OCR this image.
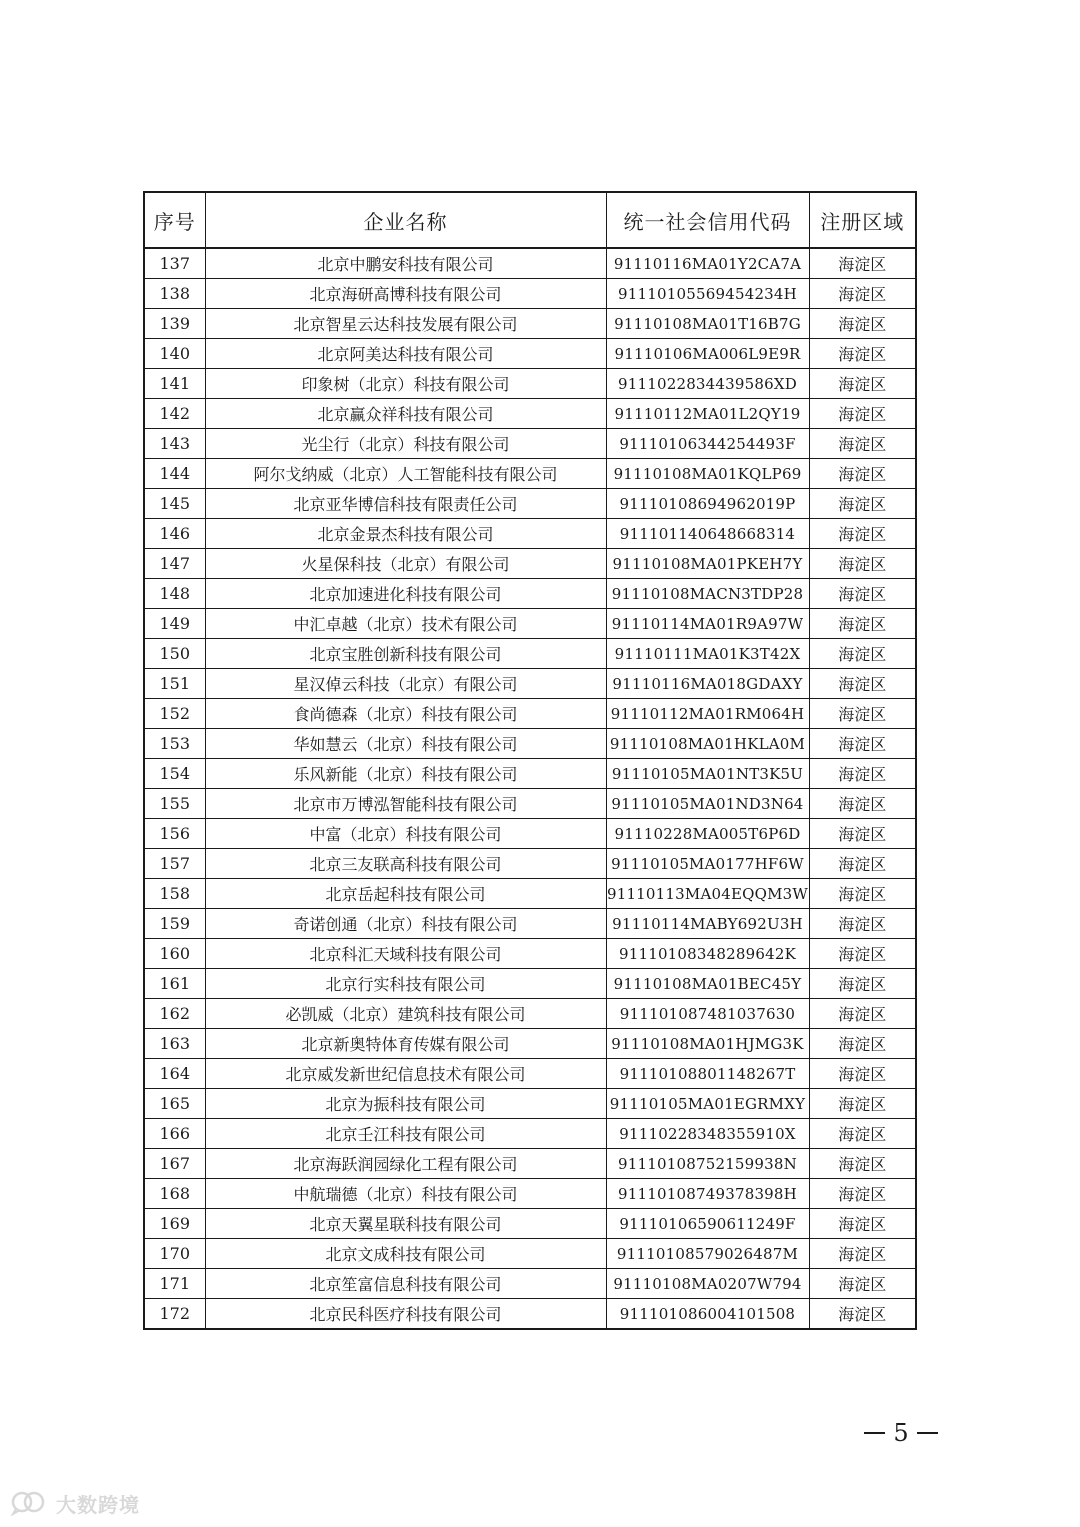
序号	企业名称	统一社会信用代码	注册区域
137	北京中鹏安科技有限公司	91110116MA01Y2CA7A	海淀区
138	北京海研高博科技有限公司	911101055694542​34H	海淀区
139	北京智星云达科技发展有限公司	91110108MA01T16B7G	海淀区
140	北京阿美达科技有限公司	91110106MA006L9E9R	海淀区
141	印象树（北京）科技有限公司	9111022834439586XD	海淀区
142	北京赢众祥科技有限公司	91110112MA01L2QY19	海淀区
143	光尘行（北京）科技有限公司	91110106344254493F	海淀区
144	阿尔戈纳威（北京）人工智能科技有限公司	91110108MA01KQLP69	海淀区
145	北京亚华博信科技有限责任公司	91110108694962019P	海淀区
146	北京金景杰科技有限公司	91110114064866​8314	海淀区
147	火星保科技（北京）有限公司	91110108MA01PKEH7Y	海淀区
148	北京加速进化科技有限公司	91110108MACN3TDP28	海淀区
149	中汇卓越（北京）技术有限公司	91110114MA01R9A97W	海淀区
150	北京宝胜创新科技有限公司	91110111MA01K3T42X	海淀区
151	星汉倬云科技（北京）有限公司	91110116MA018GDAXY	海淀区
152	食尚德森（北京）科技有限公司	91110112MA01RM064H	海淀区
153	华如慧云（北京）科技有限公司	91110108MA01HKLA0M	海淀区
154	乐风新能（北京）科技有限公司	91110105MA01NT3K5U	海淀区
155	北京市万博泓智能科技有限公司	91110105MA01ND3N64	海淀区
156	中富（北京）科技有限公司	91110228MA005T6P6D	海淀区
157	北京三友联高科技有限公司	91110105MA0177HF6W	海淀区
158	北京岳起科技有限公司	91110113MA04EQQM3W	海淀区
159	奇诺创通（北京）科技有限公司	91110114MABY692U3H	海淀区
160	北京科汇天域科技有限公司	91110108348289642K	海淀区
161	北京行实科技有限公司	91110108MA01BEC45Y	海淀区
162	必凯威（北京）建筑科技有限公司	911101087481037630	海淀区
163	北京新奥特体育传媒有限公司	91110108MA01HJMG3K	海淀区
164	北京威发新世纪信息技术有限公司	91110108801148267T	海淀区
165	北京为振科技有限公司	91110105MA01EGRMXY	海淀区
166	北京壬江科技有限公司	9111022834835591​0X	海淀区
167	北京海跃润园绿化工程有限公司	91110108752159938N	海淀区
168	中航瑞德（北京）科技有限公司	91110108749378398H	海淀区
169	北京天翼星联科技有限公司	91110106590611249F	海淀区
170	北京文成科技有限公司	91110108579026487M	海淀区
171	北京笙富信息科技有限公司	91110108MA0207W794	海淀区
172	北京民科医疗科技有限公司	911101086004101508	海淀区
5
大数跨境
